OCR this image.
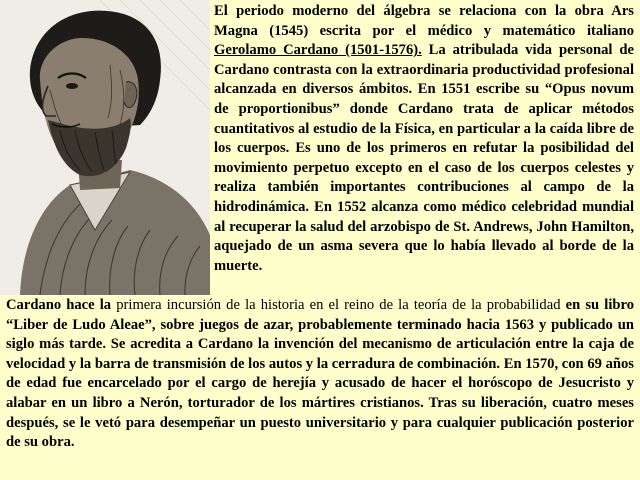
El periodo moderno del álgebra se relaciona con la obra Ars Magna (1545) escrita por el médico y matemático italiano Gerolamo Cardano (1501-1576). La atribulada vida personal de Cardano contrasta con la extraordinaria productividad profesional alcanzada en diversos ámbitos. En 1551 escribe su “Opus novum de proportionibus” donde Cardano trata de aplicar métodos cuantitativos al estudio de la Física, en particular a la caída libre de los cuerpos. Es uno de los primeros en refutar la posibilidad del movimiento perpetuo excepto en el caso de los cuerpos celestes y realiza también importantes contribuciones al campo de la hidrodinámica. En 1552 alcanza como médico celebridad mundial al recuperar la salud del arzobispo de St. Andrews, John Hamilton, aquejado de un asma severa que lo había llevado al borde de la muerte.

Cardano hace la primera incursión de la historia en el reino de la teoría de la probabilidad en su libro “Liber de Ludo Aleae”, sobre juegos de azar, probablemente terminado hacia 1563 y publicado un siglo más tarde. Se acredita a Cardano la invención del mecanismo de articulación entre la caja de velocidad y la barra de transmisión de los autos y la cerradura de combinación. En 1570, con 69 años de edad fue encarcelado por el cargo de herejía y acusado de hacer el horóscopo de Jesucristo y alabar en un libro a Nerón, torturador de los mártires cristianos. Tras su liberación, cuatro meses después, se le vetó para desempeñar un puesto universitario y para cualquier publicación posterior de su obra.
